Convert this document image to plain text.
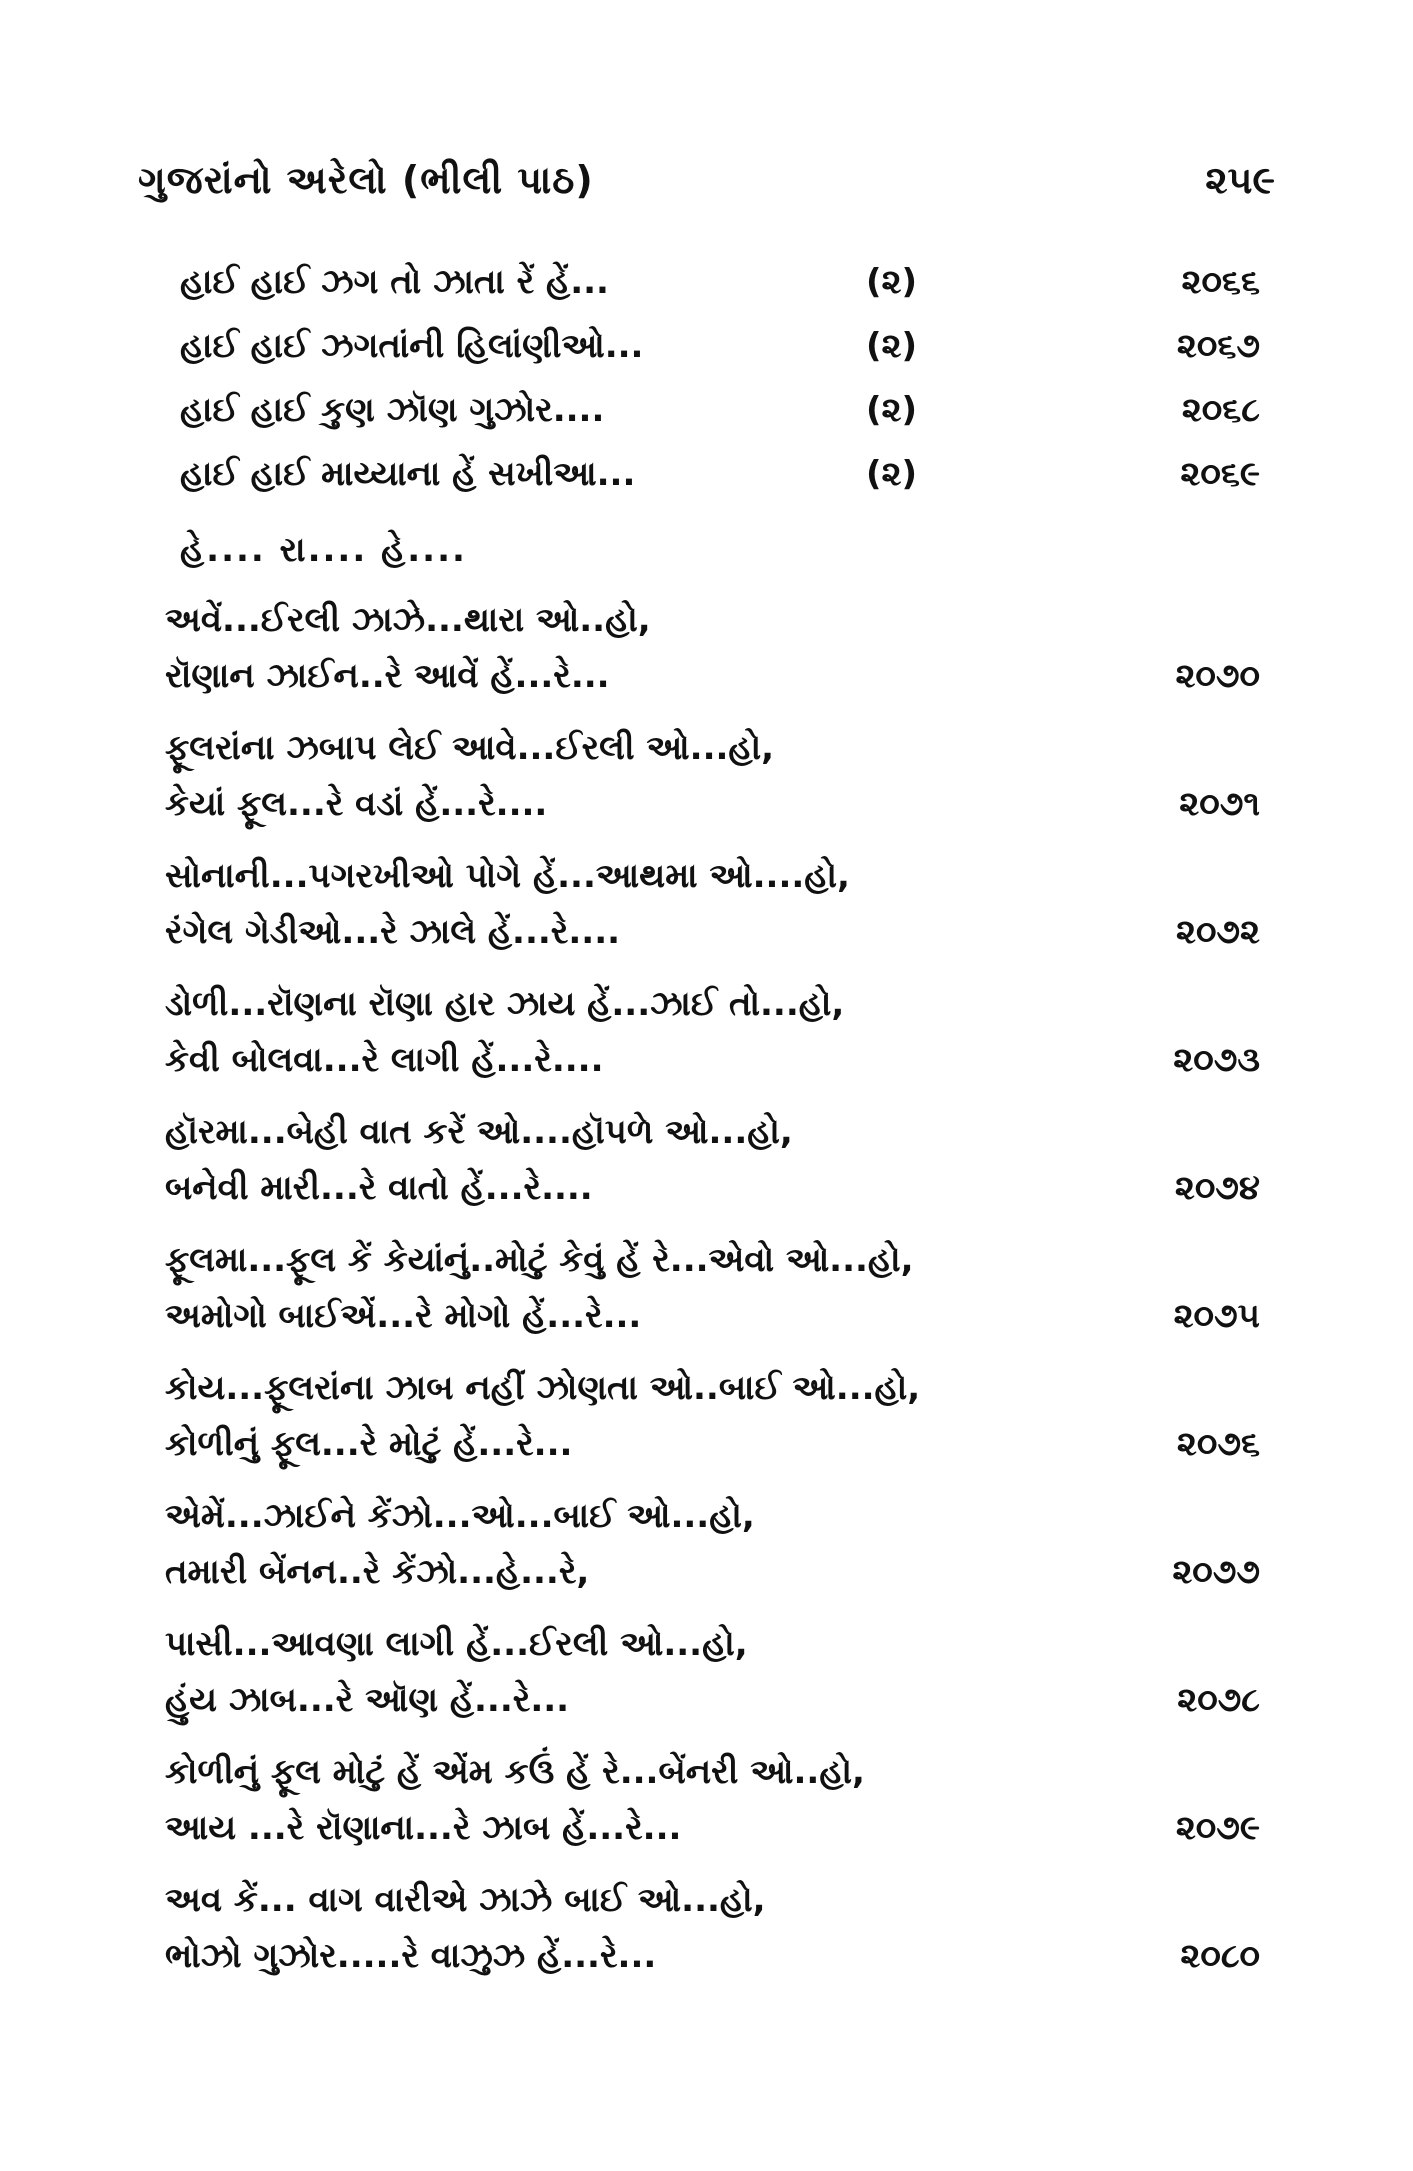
ગુજરાંનો અરેલો (ભીલી પાઠ)	૨૫૯
હાઈ હાઈ ઝગ તો ઝાતા રેં હેં...	(૨)	૨૦૬૬
હાઈ હાઈ ઝગતાંની હિલાંણીઓ...	(૨)	૨૦૬૭
હાઈ હાઈ કુણ ઝૉણ ગુઝોર....	(૨)	૨૦૬૮
હાઈ હાઈ માય્યાના હેં સખીઆ...	(૨)	૨૦૬૯
હે.... રા.... હે....
અવેં...ઈરલી ઝાઝે...થારા ઓ..હો,
રૉણાન ઝાઈન..રે આવેં હેં...રે...	૨૦૭૦
ફૂલરાંના ઝબાપ લેઈ આવે...ઈરલી ઓ...હો,
કેયાં ફૂલ...રે વડાં હેં...રે....	૨૦૭૧
સોનાની...પગરખીઓ પોગે હેં...આથમા ઓ....હો,
રંગેલ ગેડીઓ...રે ઝાલે હેં...રે....	૨૦૭૨
ડોળી...રૉણના રૉણા હાર ઝાય હેં...ઝાઈ તો...હો,
કેવી બોલવા...રે લાગી હેં...રે....	૨૦૭૩
હૉરમા...બેહી વાત કરેં ઓ....હૉપળે ઓ...હો,
બનેવી મારી...રે વાતો હેં...રે....	૨૦૭૪
ફૂલમા...ફૂલ કેં કેયાંનું..મોટું કેવું હેં રે...એવો ઓ...હો,
અમોગો બાઈએં...રે મોગો હેં...રે...	૨૦૭૫
કોય...ફૂલરાંના ઝાબ નહીં ઝોણતા ઓ..બાઈ ઓ...હો,
કોળીનું ફૂલ...રે મોટું હેં...રે...	૨૦૭૬
એમેં...ઝાઈને કેંઝો...ઓ...બાઈ ઓ...હો,
તમારી બેંનન..રે કેંઝો...હે...રે,	૨૦૭૭
પાસી...આવણા લાગી હેં...ઈરલી ઓ...હો,
હુંય ઝાબ...રે ઑણ હેં...રે...	૨૦૭૮
કોળીનું ફૂલ મોટું હેં એંમ કઉં હેં રે...બેંનરી ઓ..હો,
આય ...રે રૉણાના...રે ઝાબ હેં...રે...	૨૦૭૯
અવ કેં... વાગ વારીએ ઝાઝે બાઈ ઓ...હો,
ભોઝો ગુઝોર.....રે વાઝુઝ હેં...રે...	૨૦૮૦
